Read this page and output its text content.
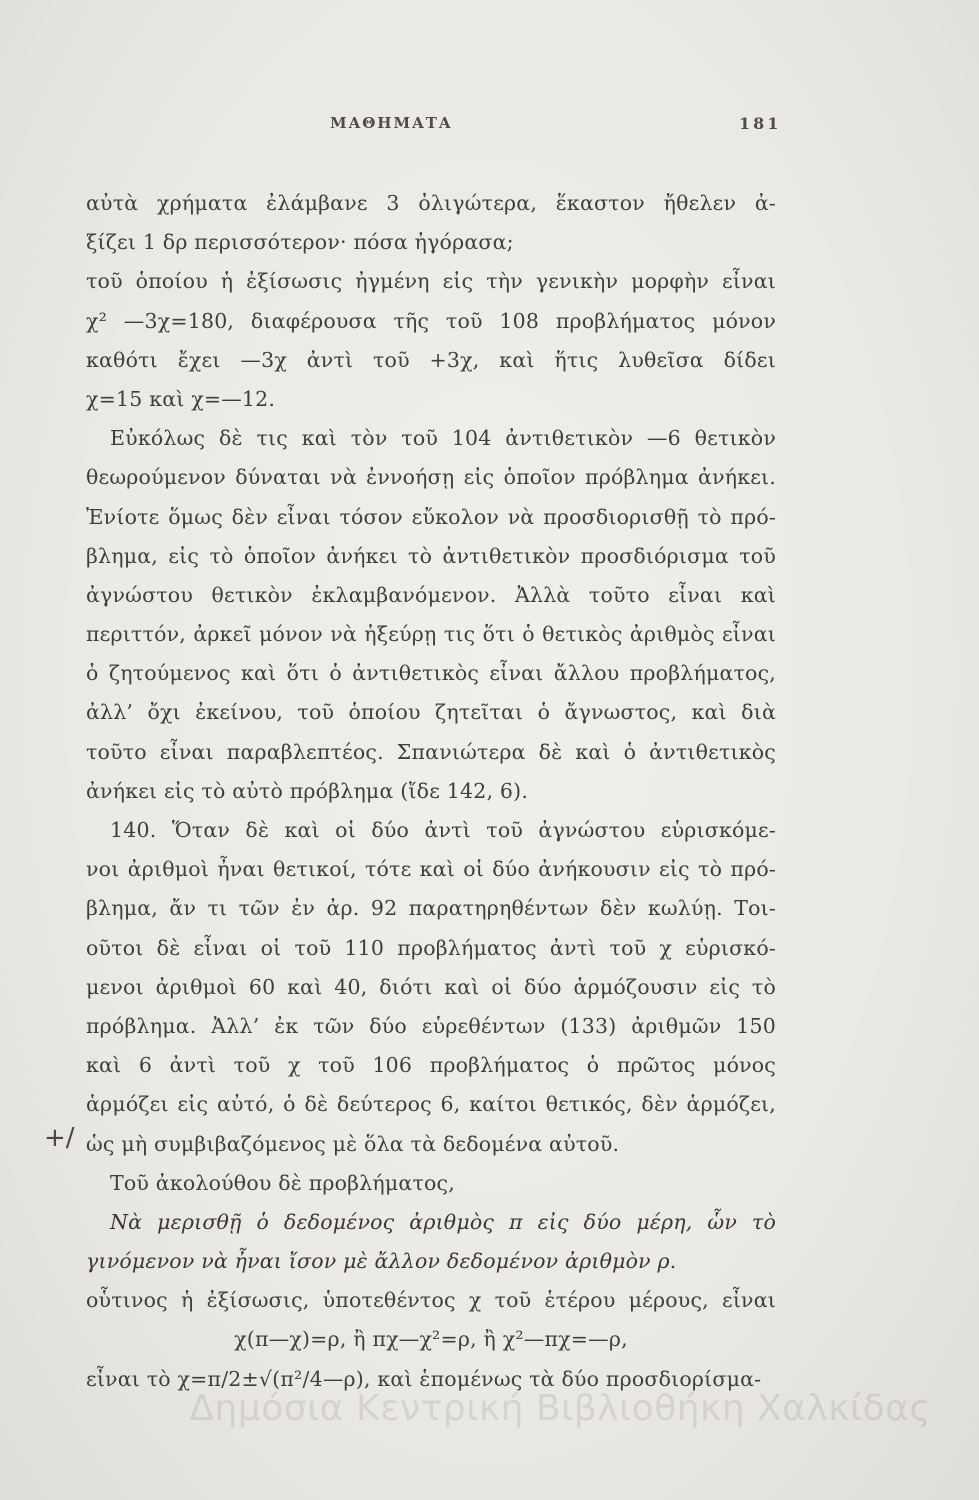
ΜΑΘΗΜΑΤΑ	181
+/
αὐτὰ χρήματα ἐλάμβανε 3 ὀλιγώτερα, ἕκαστον ἤθελεν ἀ-
ξίζει 1 δρ περισσότερον· πόσα ἠγόρασα;
τοῦ ὁποίου ἡ ἐξίσωσις ἠγμένη εἰς τὴν γενικὴν μορφὴν εἶναι
χ² —3χ=180, διαφέρουσα τῆς τοῦ 108 προβλήματος μόνον
καθότι ἔχει —3χ ἀντὶ τοῦ +3χ, καὶ ἥτις λυθεῖσα δίδει
χ=15 καὶ χ=—12.
Εὐκόλως δὲ τις καὶ τὸν τοῦ 104 ἀντιθετικὸν —6 θετικὸν
θεωρούμενον δύναται νὰ ἐννοήσῃ εἰς ὁποῖον πρόβλημα ἀνήκει.
Ἐνίοτε ὅμως δὲν εἶναι τόσον εὔκολον νὰ προσδιορισθῇ τὸ πρό-
βλημα, εἰς τὸ ὁποῖον ἀνήκει τὸ ἀντιθετικὸν προσδιόρισμα τοῦ
ἀγνώστου θετικὸν ἐκλαμβανόμενον. Ἀλλὰ τοῦτο εἶναι καὶ
περιττόν, ἀρκεῖ μόνον νὰ ἠξεύρῃ τις ὅτι ὁ θετικὸς ἀριθμὸς εἶναι
ὁ ζητούμενος καὶ ὅτι ὁ ἀντιθετικὸς εἶναι ἄλλου προβλήματος,
ἀλλ’ ὄχι ἐκείνου, τοῦ ὁποίου ζητεῖται ὁ ἄγνωστος, καὶ διὰ
τοῦτο εἶναι παραβλεπτέος. Σπανιώτερα δὲ καὶ ὁ ἀντιθετικὸς
ἀνήκει εἰς τὸ αὐτὸ πρόβλημα (ἴδε 142, 6).
140. Ὅταν δὲ καὶ οἱ δύο ἀντὶ τοῦ ἀγνώστου εὑρισκόμε-
νοι ἀριθμοὶ ἦναι θετικοί, τότε καὶ οἱ δύο ἀνήκουσιν εἰς τὸ πρό-
βλημα, ἄν τι τῶν ἐν ἀρ. 92 παρατηρηθέντων δὲν κωλύῃ. Τοι-
οῦτοι δὲ εἶναι οἱ τοῦ 110 προβλήματος ἀντὶ τοῦ χ εὑρισκό-
μενοι ἀριθμοὶ 60 καὶ 40, διότι καὶ οἱ δύο ἁρμόζουσιν εἰς τὸ
πρόβλημα. Ἀλλ’ ἐκ τῶν δύο εὑρεθέντων (133) ἀριθμῶν 150
καὶ 6 ἀντὶ τοῦ χ τοῦ 106 προβλήματος ὁ πρῶτος μόνος
ἁρμόζει εἰς αὐτό, ὁ δὲ δεύτερος 6, καίτοι θετικός, δὲν ἁρμόζει,
ὡς μὴ συμβιβαζόμενος μὲ ὅλα τὰ δεδομένα αὐτοῦ.
Τοῦ ἀκολούθου δὲ προβλήματος,
Νὰ μερισθῇ ὁ δεδομένος ἀριθμὸς π εἰς δύο μέρη, ὧν τὸ
γινόμενον νὰ ἦναι ἴσον μὲ ἄλλον δεδομένον ἀριθμὸν ρ.
οὗτινος ἡ ἐξίσωσις, ὑποτεθέντος χ τοῦ ἑτέρου μέρους, εἶναι
χ(π—χ)=ρ, ἢ πχ—χ²=ρ, ἢ χ²—πχ=—ρ,
εἶναι τὸ χ=π/2±√(π²/4—ρ), καὶ ἑπομένως τὰ δύο προσδιορίσμα-
Δημόσια Κεντρική Βιβλιοθήκη Χαλκίδας
